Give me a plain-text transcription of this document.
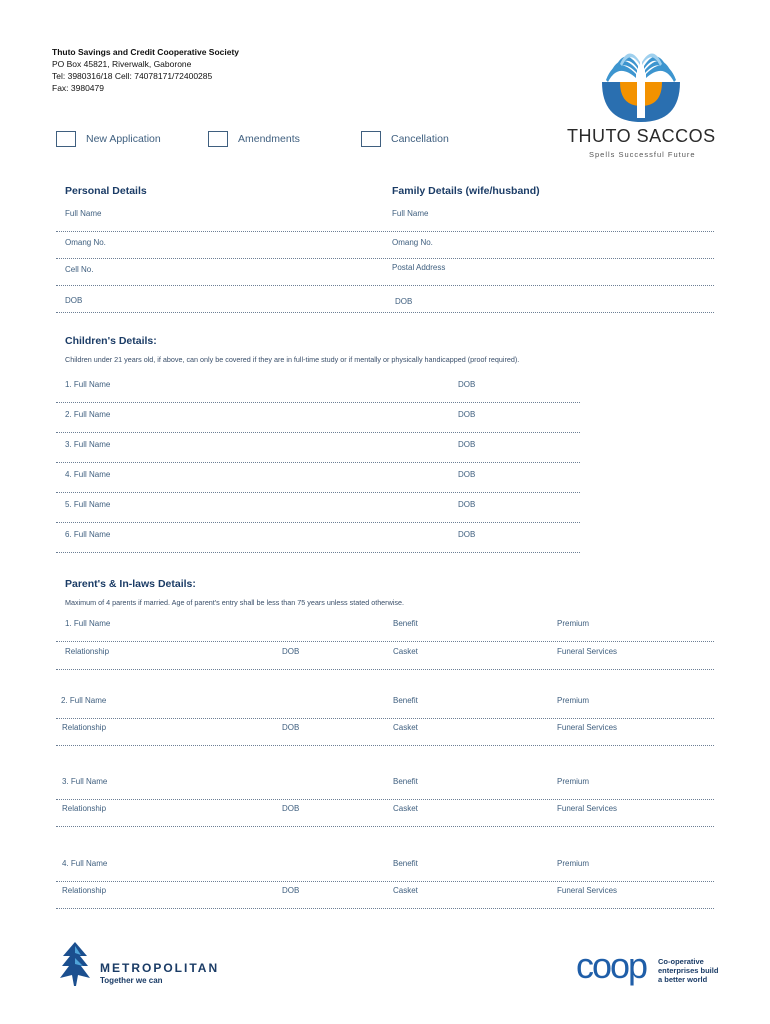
Thuto Savings and Credit Cooperative Society
PO Box 45821, Riverwalk, Gaborone
Tel: 3980316/18 Cell: 74078171/72400285
Fax: 3980479
THUTO SACCOS
Spells Successful Future
New Application	Amendments	Cancellation
Personal Details	Family Details (wife/husband)
Full Name	Full Name
Omang No.	Omang No.
Cell No.	Postal Address
DOB	DOB
Children's Details:
Children under 21 years old, if above, can only be covered if they are in full-time study or if mentally or physically handicapped (proof required).
1. Full Name	DOB
2. Full Name	DOB
3. Full Name	DOB
4. Full Name	DOB
5. Full Name	DOB
6. Full Name	DOB
Parent's & In-laws Details:
Maximum of 4 parents if married. Age of parent's entry shall be less than 75 years unless stated otherwise.
1. Full Name	Benefit	Premium
Relationship	DOB	Casket	Funeral Services
2. Full Name	Benefit	Premium
Relationship	DOB	Casket	Funeral Services
3. Full Name	Benefit	Premium
Relationship	DOB	Casket	Funeral Services
4. Full Name	Benefit	Premium
Relationship	DOB	Casket	Funeral Services
METROPOLITAN
Together we can	coop Co-operative
enterprises build
a better world
